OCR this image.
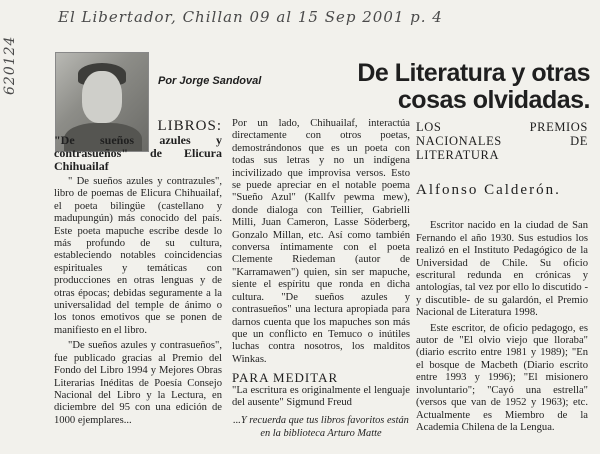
El Libertador, Chillan 09 al 15 Sep 2001 p. 4
620124	Por Jorge Sandoval	De Literatura y otras
cosas olvidadas.
LIBROS:
"De sueños azules y contrasueños" de Elicura Chihuailaf

" De sueños azules y contrazules", libro de poemas de Elicura Chihuailaf, el poeta bilingüe (castellano y madupungún) más conocido del país. Este poeta mapuche escribe desde lo más profundo de su cultura, estableciendo notables coincidencias espirituales y temáticas con producciones en otras lenguas y de otras épocas; debidas seguramente a la universalidad del temple de ánimo o los tonos emotivos que se ponen de manifiesto en el libro.

"De sueños azules y contrasueños", fue publicado gracias al Premio del Fondo del Libro 1994 y Mejores Obras Literarias Inéditas de Poesía Consejo Nacional del Libro y la Lectura, en diciembre del 95 con una edición de 1000 ejemplares...

Por un lado, Chihuailaf, interactúa directamente con otros poetas, demostrándonos que es un poeta con todas sus letras y no un indígena incivilizado que improvisa versos. Esto se puede apreciar en el notable poema "Sueño Azul" (Kallfv pewma mew), donde dialoga con Teillier, Gabrielli Milli, Juan Cameron, Lasse Söderberg, Gonzalo Millan, etc. Así como también conversa íntimamente con el poeta Clemente Riedeman (autor de "Karramawen") quien, sin ser mapuche, siente el espíritu que ronda en dicha cultura. "De sueños azules y contrasueños" una lectura apropiada para darnos cuenta que los mapuches son más que un conflicto en Temuco o inútiles luchas contra nosotros, los malditos Winkas.

PARA MEDITAR
"La escritura es originalmente el lenguaje del ausente" Sigmund Freud
...Y recuerda que tus libros favoritos están en la biblioteca Arturo Matte
LOS PREMIOS NACIONALES DE LITERATURA
Alfonso Calderón.

Escritor nacido en la ciudad de San Fernando el año 1930. Sus estudios los realizó en el Instituto Pedagógico de la Universidad de Chile. Su oficio escritural redunda en crónicas y antologías, tal vez por ello lo discutido -y discutible- de su galardón, el Premio Nacional de Literatura 1998.

Este escritor, de oficio pedagogo, es autor de "El olvio viejo que lloraba" (diario escrito entre 1981 y 1989); "En el bosque de Macbeth (Diario escrito entre 1993 y 1996); "El misionero involuntario"; "Cayó una estrella" (versos que van de 1952 y 1963); etc. Actualmente es Miembro de la Academia Chilena de la Lengua.
